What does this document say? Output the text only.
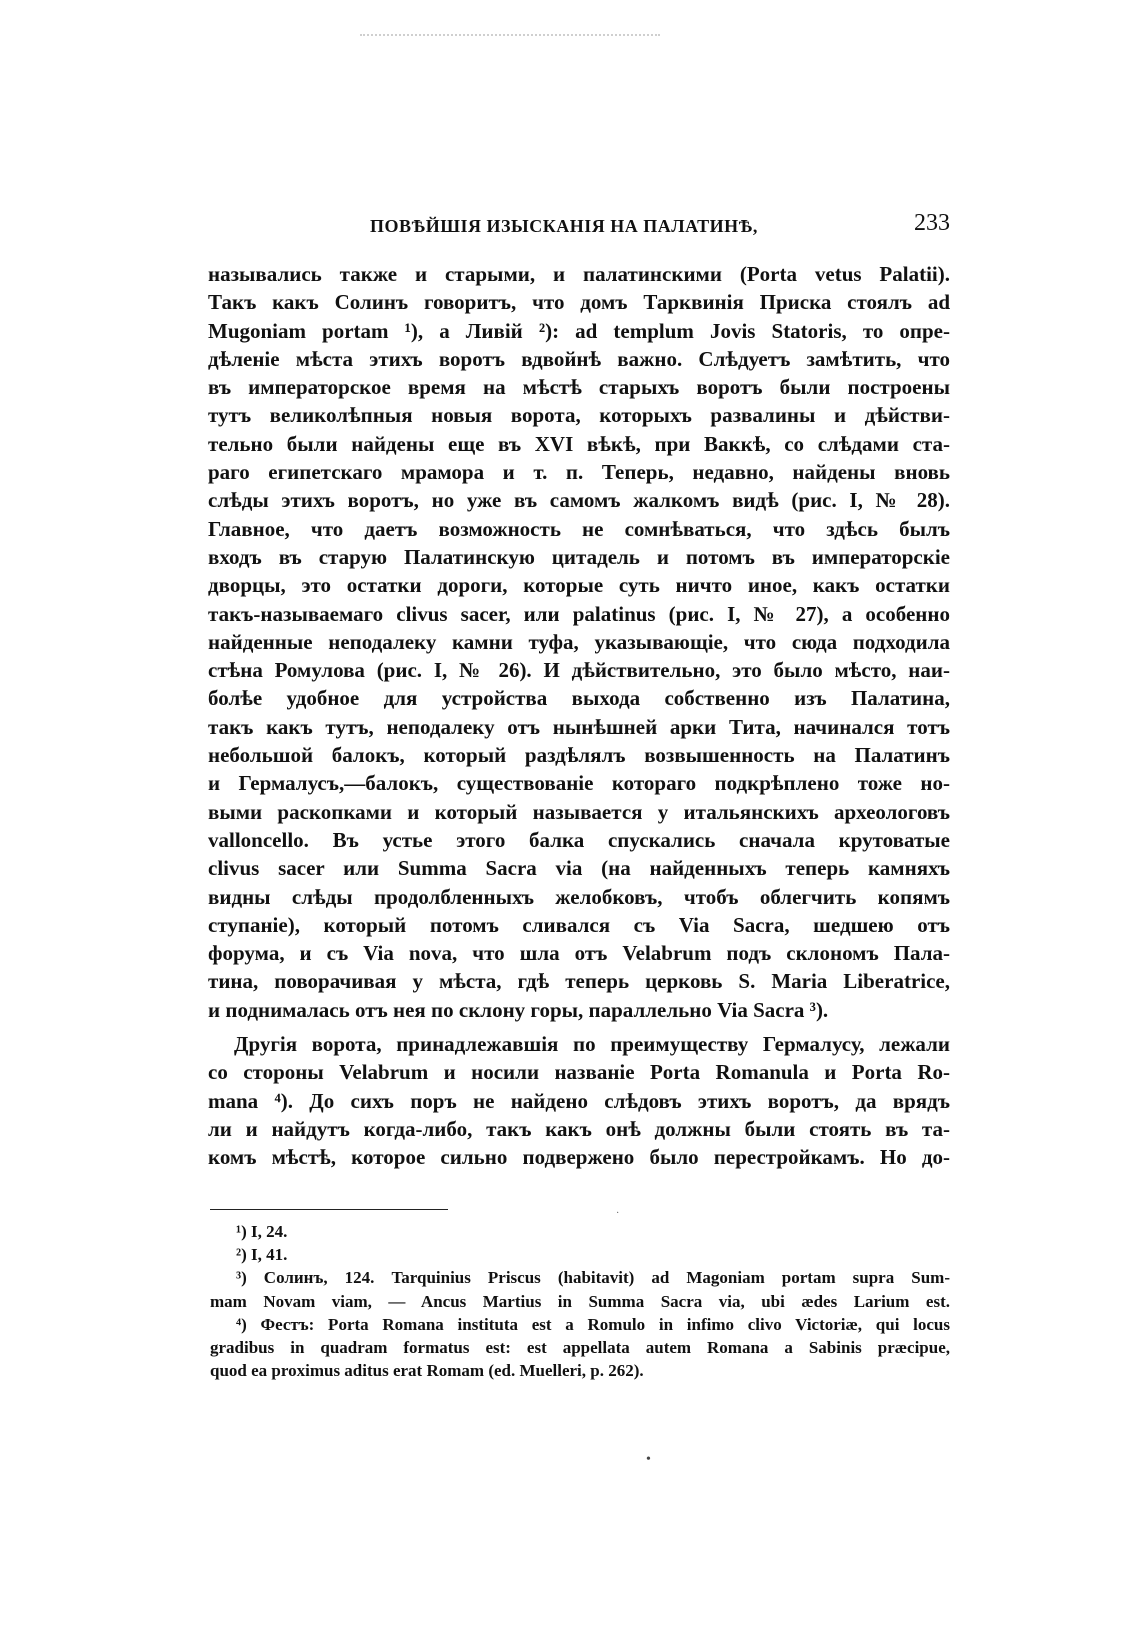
ПОВѢЙШІЯ ИЗЫСКАНІЯ НА ПАЛАТИНѢ,	233
назывались также и старыми, и палатинскими (Porta vetus Palatii).
Такъ какъ Солинъ говоритъ, что домъ Тарквинія Приска стоялъ ad
Mugoniam portam ¹), а Ливій ²): ad templum Jovis Statoris, то опре-
дѣленіе мѣста этихъ воротъ вдвойнѣ важно. Слѣдуетъ замѣтить, что
въ императорское время на мѣстѣ старыхъ воротъ были построены
тутъ великолѣпныя новыя ворота, которыхъ развалины и дѣйстви-
тельно были найдены еще въ XVI вѣкѣ, при Ваккѣ, со слѣдами ста-
раго египетскаго мрамора и т. п. Теперь, недавно, найдены вновь
слѣды этихъ воротъ, но уже въ самомъ жалкомъ видѣ (рис. I, № 28).
Главное, что даетъ возможность не сомнѣваться, что здѣсь былъ
входъ въ старую Палатинскую цитадель и потомъ въ императорскіе
дворцы, это остатки дороги, которые суть ничто иное, какъ остатки
такъ-называемаго clivus sacer, или palatinus (рис. I, № 27), а особенно
найденные неподалеку камни туфа, указывающіе, что сюда подходила
стѣна Ромулова (рис. I, № 26). И дѣйствительно, это было мѣсто, наи-
болѣе удобное для устройства выхода собственно изъ Палатина,
такъ какъ тутъ, неподалеку отъ нынѣшней арки Тита, начинался тотъ
небольшой балокъ, который раздѣлялъ возвышенность на Палатинъ
и Гермалусъ,—балокъ, существованіе котораго подкрѣплено тоже но-
выми раскопками и который называется у итальянскихъ археологовъ
valloncello. Въ устье этого балка спускались сначала крутоватые
clivus sacer или Summa Sacra via (на найденныхъ теперь камняхъ
видны слѣды продолбленныхъ желобковъ, чтобъ облегчить копямъ
ступаніе), который потомъ сливался съ Via Sacra, шедшею отъ
форума, и съ Via nova, что шла отъ Velabrum подъ склономъ Пала-
тина, поворачивая у мѣста, гдѣ теперь церковь S. Maria Liberatrice,
и поднималась отъ нея по склону горы, параллельно Via Sacra ³).
Другія ворота, принадлежавшія по преимуществу Гермалусу, лежали
со стороны Velabrum и носили названіе Porta Romanula и Porta Ro-
mana ⁴). До сихъ поръ не найдено слѣдовъ этихъ воротъ, да врядъ
ли и найдутъ когда-либо, такъ какъ онѣ должны были стоять въ та-
комъ мѣстѣ, которое сильно подвержено было перестройкамъ. Но до-
·
¹) I, 24.
²) I, 41.
³) Солинъ, 124. Tarquinius Priscus (habitavit) ad Magoniam portam supra Sum-
mam Novam viam, — Ancus Martius in Summa Sacra via, ubi ædes Larium est.
⁴) Фестъ: Porta Romana instituta est a Romulo in infimo clivo Victoriæ, qui locus
gradibus in quadram formatus est: est appellata autem Romana a Sabinis præcipue,
quod ea proximus aditus erat Romam (ed. Muelleri, p. 262).
•
